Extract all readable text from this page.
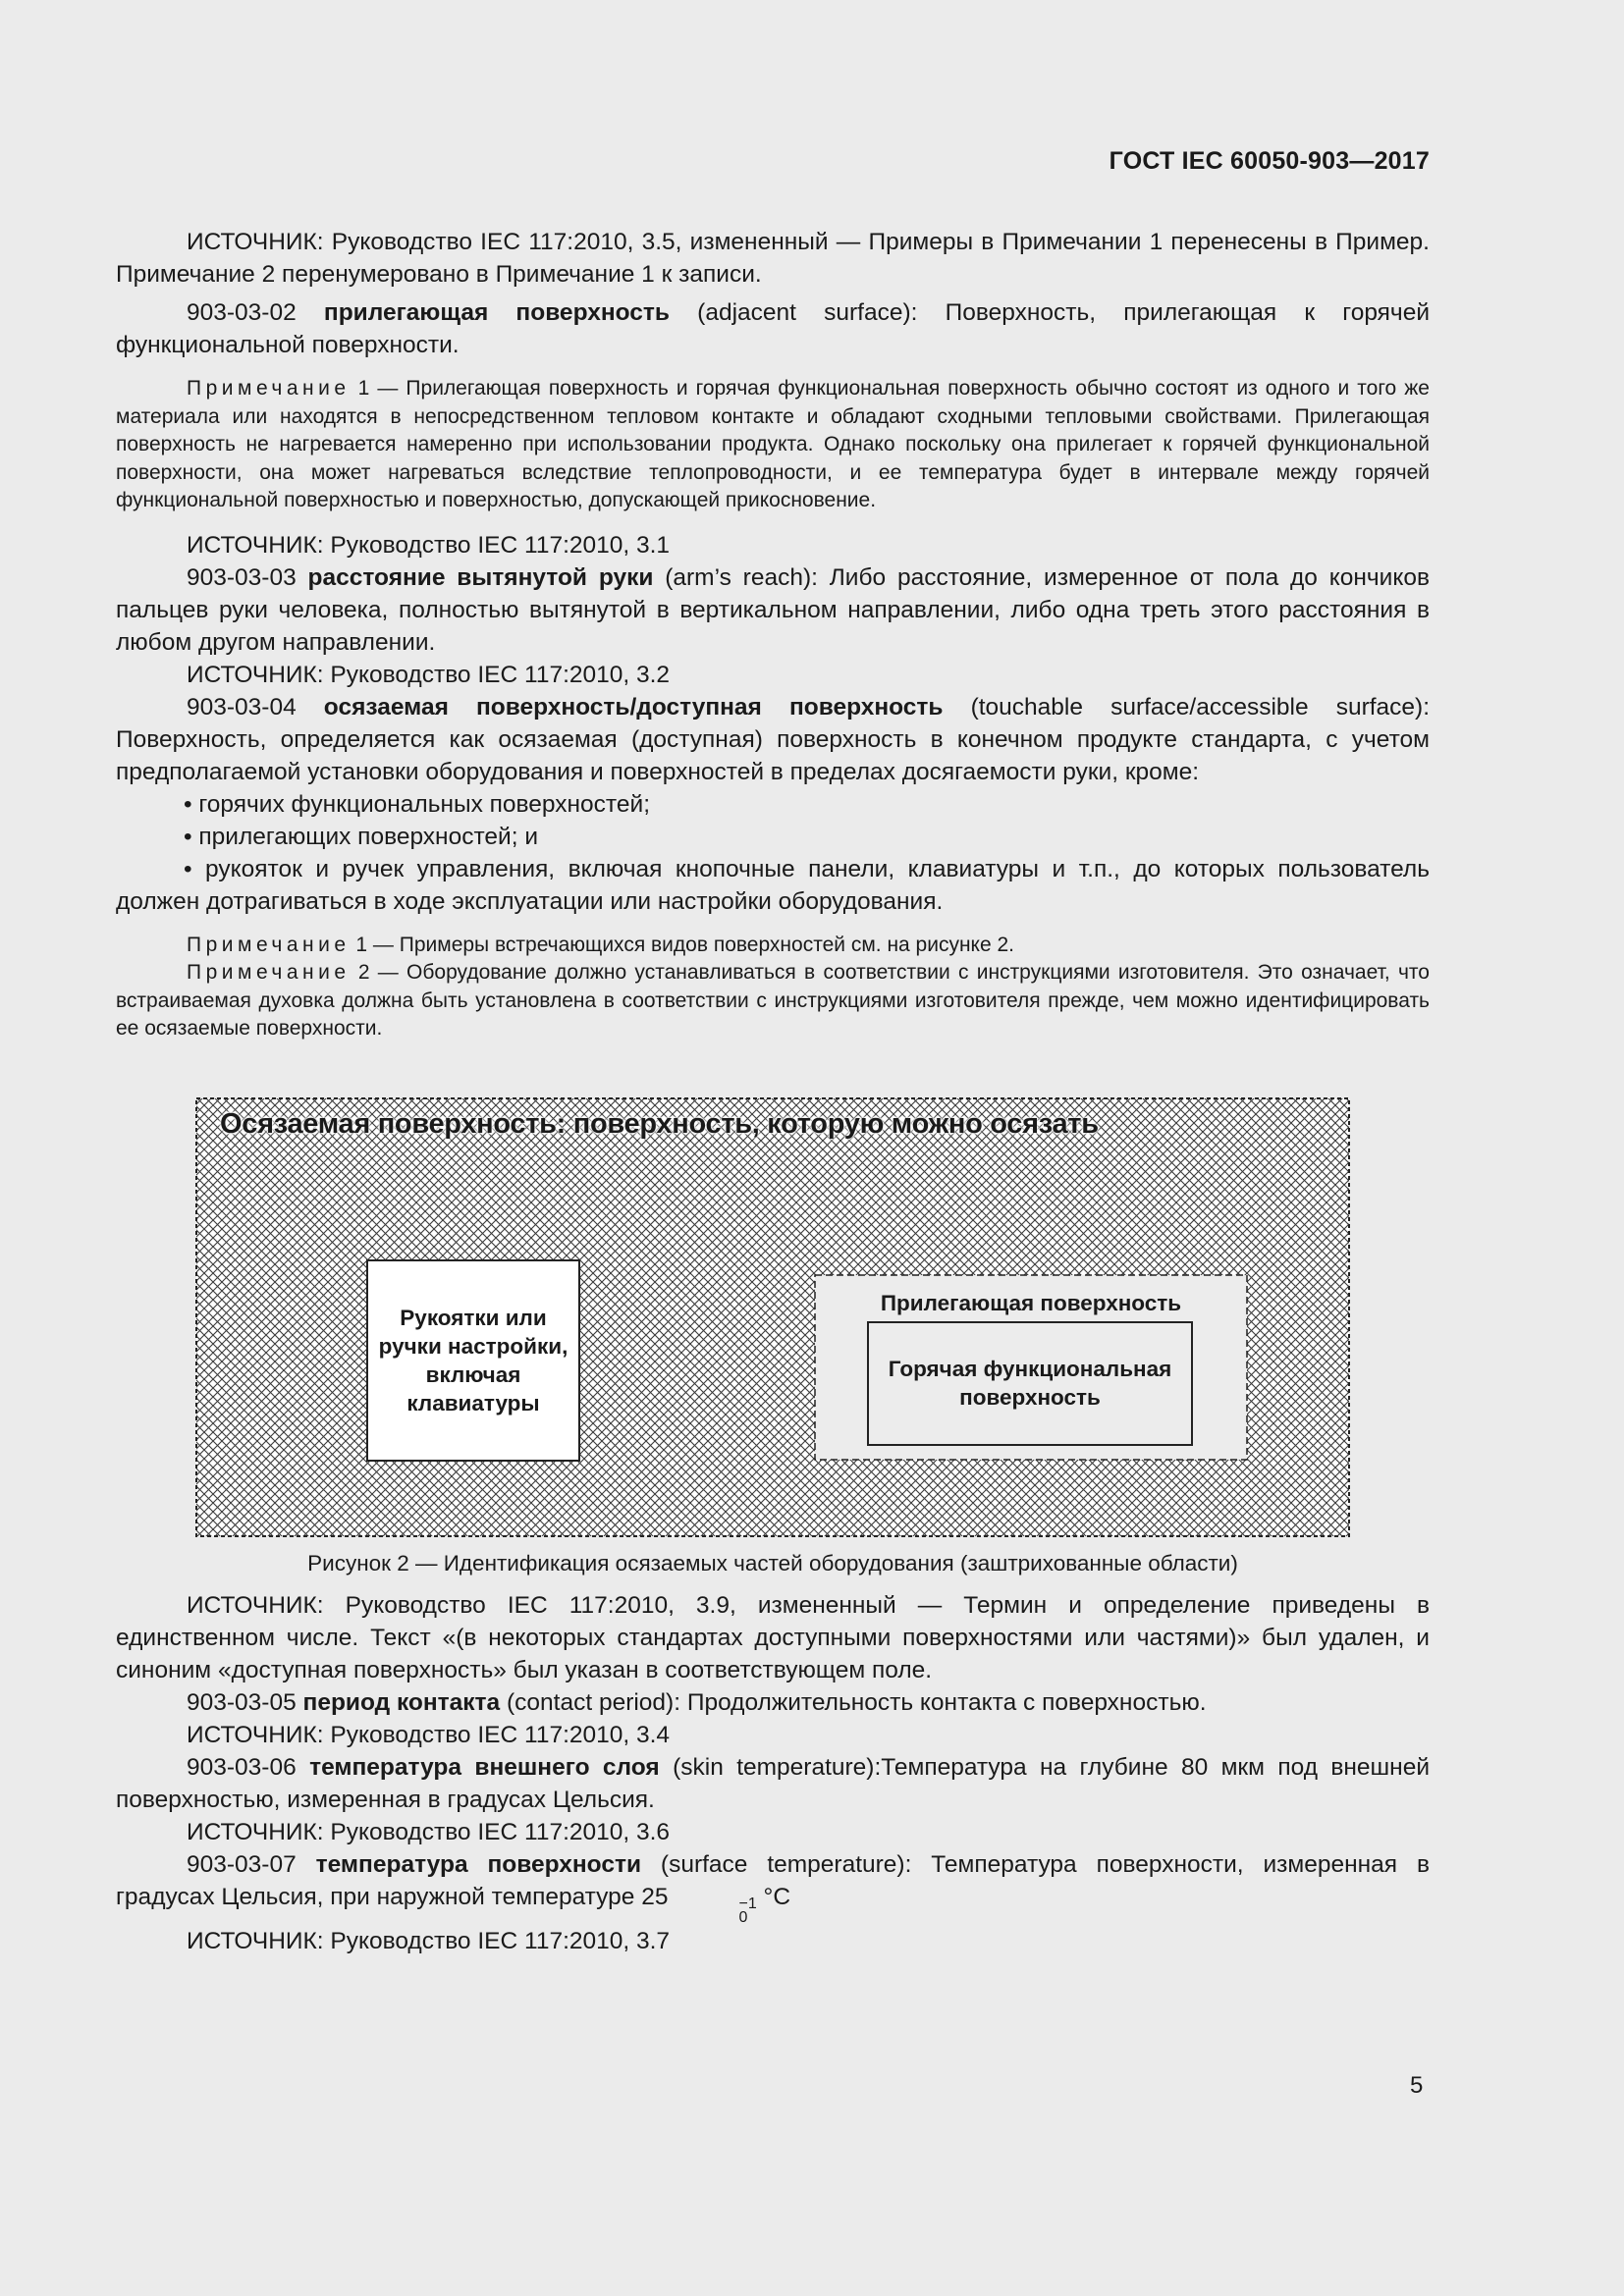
ГОСТ IEC 60050-903—2017

ИСТОЧНИК: Руководство IEC 117:2010, 3.5, измененный — Примеры в Примечании 1 перенесены в Пример. Примечание 2 перенумеровано в Примечание 1 к записи.

903-03-02 прилегающая поверхность (adjacent surface): Поверхность, прилегающая к горячей функциональной поверхности.

Примечание 1 — Прилегающая поверхность и горячая функциональная поверхность обычно состоят из одного и того же материала или находятся в непосредственном тепловом контакте и обладают сходными тепловыми свойствами. Прилегающая поверхность не нагревается намеренно при использовании продукта. Однако поскольку она прилегает к горячей функциональной поверхности, она может нагреваться вследствие теплопроводности, и ее температура будет в интервале между горячей функциональной поверхностью и поверхностью, допускающей прикосновение.

ИСТОЧНИК: Руководство IEC 117:2010, 3.1

903-03-03 расстояние вытянутой руки (arm’s reach): Либо расстояние, измеренное от пола до кончиков пальцев руки человека, полностью вытянутой в вертикальном направлении, либо одна треть этого расстояния в любом другом направлении.

ИСТОЧНИК: Руководство IEC 117:2010, 3.2

903-03-04 осязаемая поверхность/доступная поверхность (touchable surface/accessible surface): Поверхность, определяется как осязаемая (доступная) поверхность в конечном продукте стандарта, с учетом предполагаемой установки оборудования и поверхностей в пределах досягаемости руки, кроме:

• горячих функциональных поверхностей;

• прилегающих поверхностей; и

• рукояток и ручек управления, включая кнопочные панели, клавиатуры и т.п., до которых пользователь должен дотрагиваться в ходе эксплуатации или настройки оборудования.

Примечание 1 — Примеры встречающихся видов поверхностей см. на рисунке 2.

Примечание 2 — Оборудование должно устанавливаться в соответствии с инструкциями изготовителя. Это означает, что встраиваемая духовка должна быть установлена в соответствии с инструкциями изготовителя прежде, чем можно идентифицировать ее осязаемые поверхности.

Осязаемая поверхность: поверхность, которую можно осязать
Рукоятки или ручки настройки, включая клавиатуры
Прилегающая поверхность
Горячая функциональная поверхность
Рисунок 2 — Идентификация осязаемых частей оборудования (заштрихованные области)

ИСТОЧНИК: Руководство IEC 117:2010, 3.9, измененный — Термин и определение приведены в единственном числе. Текст «(в некоторых стандартах доступными поверхностями или частями)» был удален, и синоним «доступная поверхность» был указан в соответствующем поле.

903-03-05 период контакта (contact period): Продолжительность контакта с поверхностью.

ИСТОЧНИК: Руководство IEC 117:2010, 3.4

903-03-06 температура внешнего слоя (skin temperature):Температура на глубине 80 мкм под внешней поверхностью, измеренная в градусах Цельсия.

ИСТОЧНИК: Руководство IEC 117:2010, 3.6

903-03-07 температура поверхности (surface temperature): Температура поверхности, измеренная в градусах Цельсия, при наружной температуре 25	−1
0
°C

ИСТОЧНИК: Руководство IEC 117:2010, 3.7

5
